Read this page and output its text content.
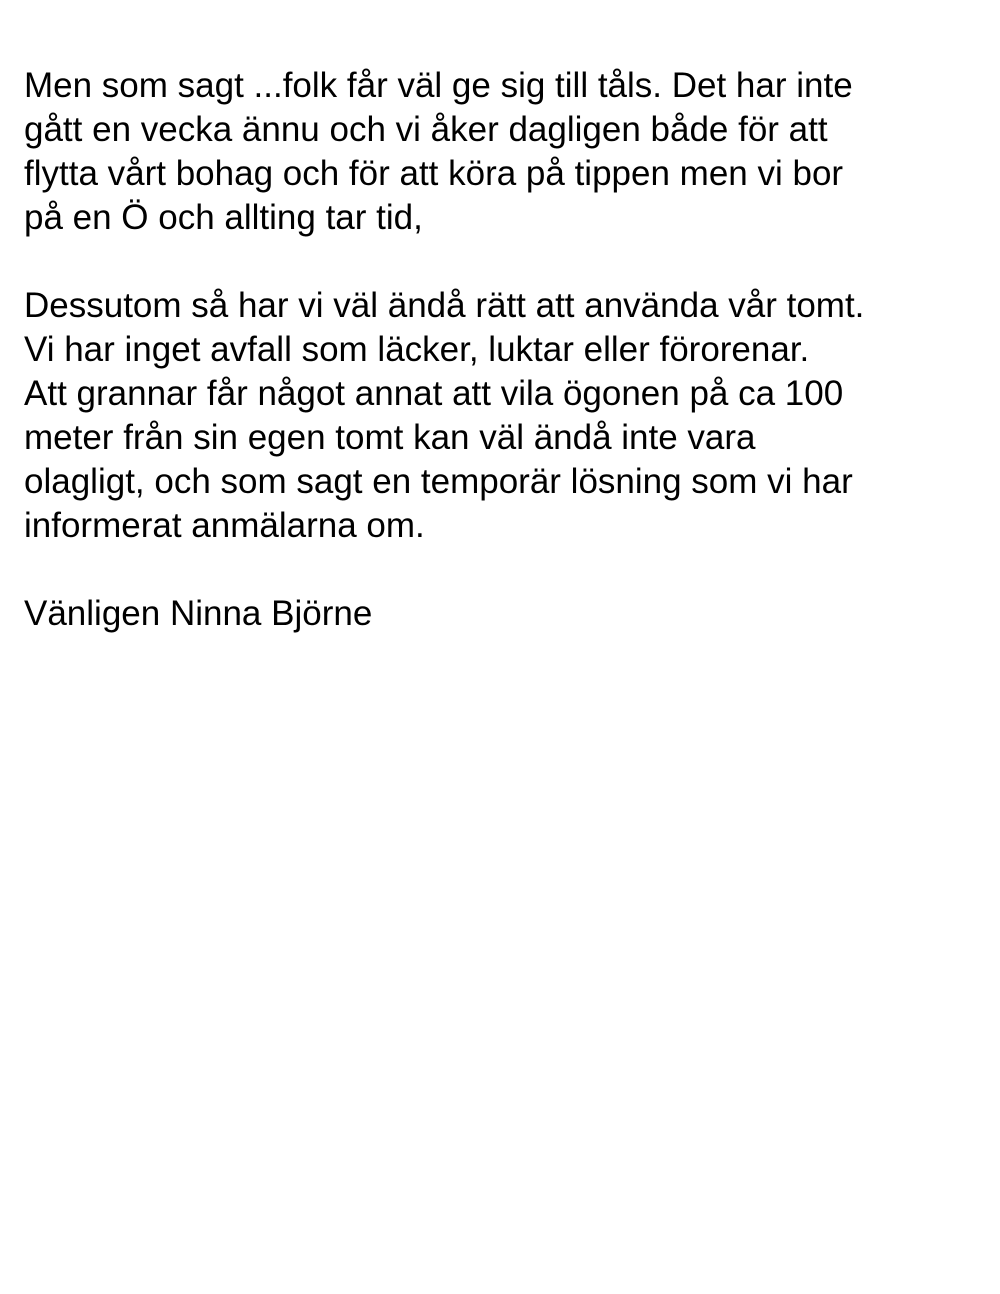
Men som sagt ...folk får väl ge sig till tåls. Det har inte
gått en vecka ännu och vi åker dagligen både för att
flytta vårt bohag och för att köra på tippen men vi bor
på en Ö och allting tar tid,

Dessutom så har vi väl ändå rätt att använda vår tomt.
Vi har inget avfall som läcker, luktar eller förorenar.
Att grannar får något annat att vila ögonen på ca 100
meter från sin egen tomt kan väl ändå inte vara
olagligt, och som sagt en temporär lösning som vi har
informerat anmälarna om.

Vänligen Ninna Björne
